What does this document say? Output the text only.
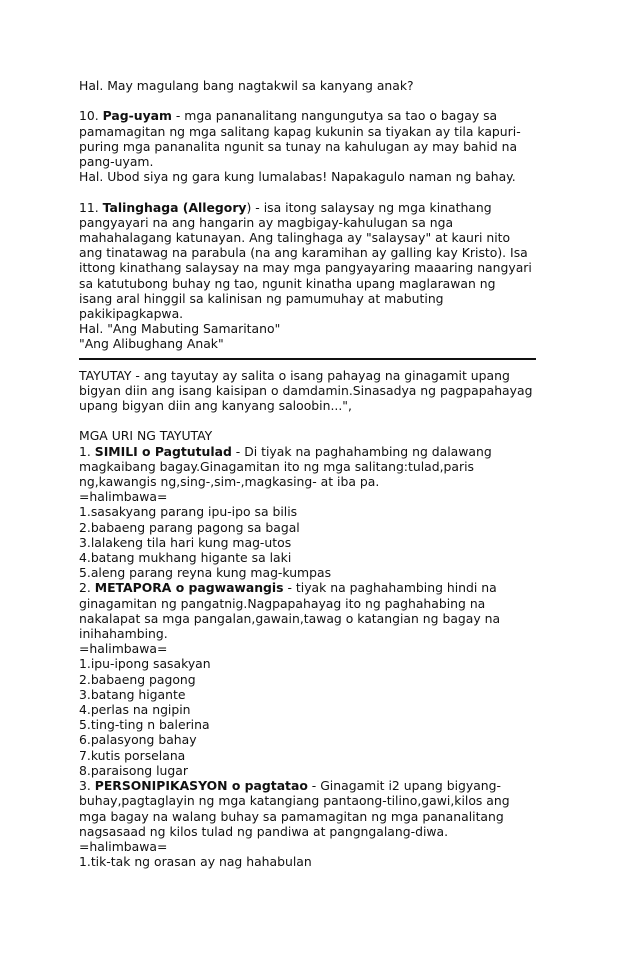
Hal. May magulang bang nagtakwil sa kanyang anak?
10. Pag-uyam - mga pananalitang nangungutya sa tao o bagay sa
pamamagitan ng mga salitang kapag kukunin sa tiyakan ay tila kapuri-
puring mga pananalita ngunit sa tunay na kahulugan ay may bahid na
pang-uyam.
Hal. Ubod siya ng gara kung lumalabas! Napakagulo naman ng bahay.
11. Talinghaga (Allegory) - isa itong salaysay ng mga kinathang
pangyayari na ang hangarin ay magbigay-kahulugan sa nga
mahahalagang katunayan. Ang talinghaga ay "salaysay" at kauri nito
ang tinatawag na parabula (na ang karamihan ay galling kay Kristo). Isa
ittong kinathang salaysay na may mga pangyayaring maaaring nangyari
sa katutubong buhay ng tao, ngunit kinatha upang maglarawan ng
isang aral hinggil sa kalinisan ng pamumuhay at mabuting
pakikipagkapwa.
Hal. "Ang Mabuting Samaritano"
"Ang Alibughang Anak"
TAYUTAY - ang tayutay ay salita o isang pahayag na ginagamit upang
bigyan diin ang isang kaisipan o damdamin.Sinasadya ng pagpapahayag
upang bigyan diin ang kanyang saloobin...",
MGA URI NG TAYUTAY
1. SIMILI o Pagtutulad - Di tiyak na paghahambing ng dalawang
magkaibang bagay.Ginagamitan ito ng mga salitang:tulad,paris
ng,kawangis ng,sing-,sim-,magkasing- at iba pa.
=halimbawa=
1.sasakyang parang ipu-ipo sa bilis
2.babaeng parang pagong sa bagal
3.lalakeng tila hari kung mag-utos
4.batang mukhang higante sa laki
5.aleng parang reyna kung mag-kumpas
2. METAPORA o pagwawangis - tiyak na paghahambing hindi na
ginagamitan ng pangatnig.Nagpapahayag ito ng paghahabing na
nakalapat sa mga pangalan,gawain,tawag o katangian ng bagay na
inihahambing.
=halimbawa=
1.ipu-ipong sasakyan
2.babaeng pagong
3.batang higante
4.perlas na ngipin
5.ting-ting n balerina
6.palasyong bahay
7.kutis porselana
8.paraisong lugar
3. PERSONIPIKASYON o pagtatao - Ginagamit i2 upang bigyang-
buhay,pagtaglayin ng mga katangiang pantaong-tilino,gawi,kilos ang
mga bagay na walang buhay sa pamamagitan ng mga pananalitang
nagsasaad ng kilos tulad ng pandiwa at pangngalang-diwa.
=halimbawa=
1.tik-tak ng orasan ay nag hahabulan
